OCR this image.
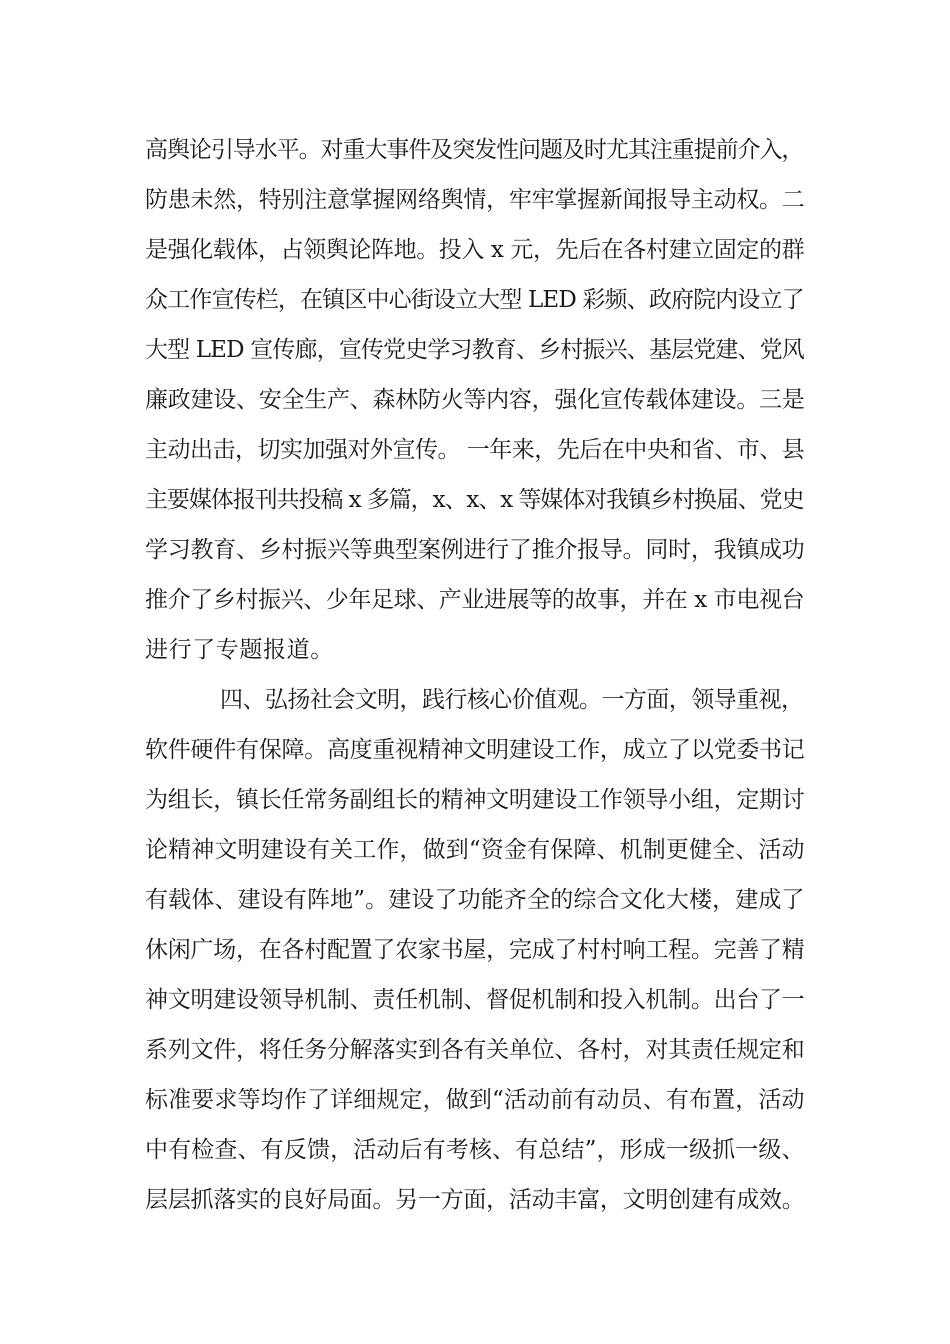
高舆论引导水平。对重大事件及突发性问题及时尤其注重提前介入，
防患未然，特别注意掌握网络舆情，牢牢掌握新闻报导主动权。二
是强化载体，占领舆论阵地。投入 x 元，先后在各村建立固定的群
众工作宣传栏，在镇区中心街设立大型 LED 彩频、政府院内设立了
大型 LED 宣传廊，宣传党史学习教育、乡村振兴、基层党建、党风
廉政建设、安全生产、森林防火等内容，强化宣传载体建设。三是
主动出击，切实加强对外宣传。 一年来，先后在中央和省、市、县
主要媒体报刊共投稿 x 多篇，x、x、x 等媒体对我镇乡村换届、党史
学习教育、乡村振兴等典型案例进行了推介报导。同时，我镇成功
推介了乡村振兴、少年足球、产业进展等的故事，并在 x 市电视台
进行了专题报道。
四、弘扬社会文明，践行核心价值观。一方面，领导重视，
软件硬件有保障。高度重视精神文明建设工作，成立了以党委书记
为组长，镇长任常务副组长的精神文明建设工作领导小组，定期讨
论精神文明建设有关工作，做到“资金有保障、机制更健全、活动
有载体、建设有阵地”。建设了功能齐全的综合文化大楼，建成了
休闲广场，在各村配置了农家书屋，完成了村村响工程。完善了精
神文明建设领导机制、责任机制、督促机制和投入机制。出台了一
系列文件，将任务分解落实到各有关单位、各村，对其责任规定和
标准要求等均作了详细规定，做到“活动前有动员、有布置，活动
中有检查、有反馈，活动后有考核、有总结”，形成一级抓一级、
层层抓落实的良好局面。另一方面，活动丰富，文明创建有成效。
